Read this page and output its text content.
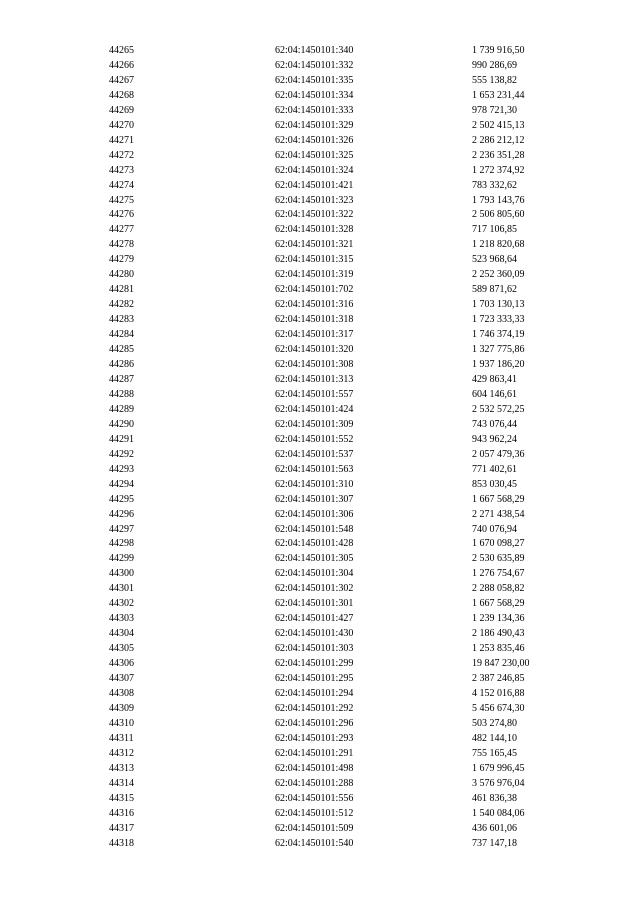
44265	62:04:1450101:340	1 739 916,50
44266	62:04:1450101:332	990 286,69
44267	62:04:1450101:335	555 138,82
44268	62:04:1450101:334	1 653 231,44
44269	62:04:1450101:333	978 721,30
44270	62:04:1450101:329	2 502 415,13
44271	62:04:1450101:326	2 286 212,12
44272	62:04:1450101:325	2 236 351,28
44273	62:04:1450101:324	1 272 374,92
44274	62:04:1450101:421	783 332,62
44275	62:04:1450101:323	1 793 143,76
44276	62:04:1450101:322	2 506 805,60
44277	62:04:1450101:328	717 106,85
44278	62:04:1450101:321	1 218 820,68
44279	62:04:1450101:315	523 968,64
44280	62:04:1450101:319	2 252 360,09
44281	62:04:1450101:702	589 871,62
44282	62:04:1450101:316	1 703 130,13
44283	62:04:1450101:318	1 723 333,33
44284	62:04:1450101:317	1 746 374,19
44285	62:04:1450101:320	1 327 775,86
44286	62:04:1450101:308	1 937 186,20
44287	62:04:1450101:313	429 863,41
44288	62:04:1450101:557	604 146,61
44289	62:04:1450101:424	2 532 572,25
44290	62:04:1450101:309	743 076,44
44291	62:04:1450101:552	943 962,24
44292	62:04:1450101:537	2 057 479,36
44293	62:04:1450101:563	771 402,61
44294	62:04:1450101:310	853 030,45
44295	62:04:1450101:307	1 667 568,29
44296	62:04:1450101:306	2 271 438,54
44297	62:04:1450101:548	740 076,94
44298	62:04:1450101:428	1 670 098,27
44299	62:04:1450101:305	2 530 635,89
44300	62:04:1450101:304	1 276 754,67
44301	62:04:1450101:302	2 288 058,82
44302	62:04:1450101:301	1 667 568,29
44303	62:04:1450101:427	1 239 134,36
44304	62:04:1450101:430	2 186 490,43
44305	62:04:1450101:303	1 253 835,46
44306	62:04:1450101:299	19 847 230,00
44307	62:04:1450101:295	2 387 246,85
44308	62:04:1450101:294	4 152 016,88
44309	62:04:1450101:292	5 456 674,30
44310	62:04:1450101:296	503 274,80
44311	62:04:1450101:293	482 144,10
44312	62:04:1450101:291	755 165,45
44313	62:04:1450101:498	1 679 996,45
44314	62:04:1450101:288	3 576 976,04
44315	62:04:1450101:556	461 836,38
44316	62:04:1450101:512	1 540 084,06
44317	62:04:1450101:509	436 601,06
44318	62:04:1450101:540	737 147,18
